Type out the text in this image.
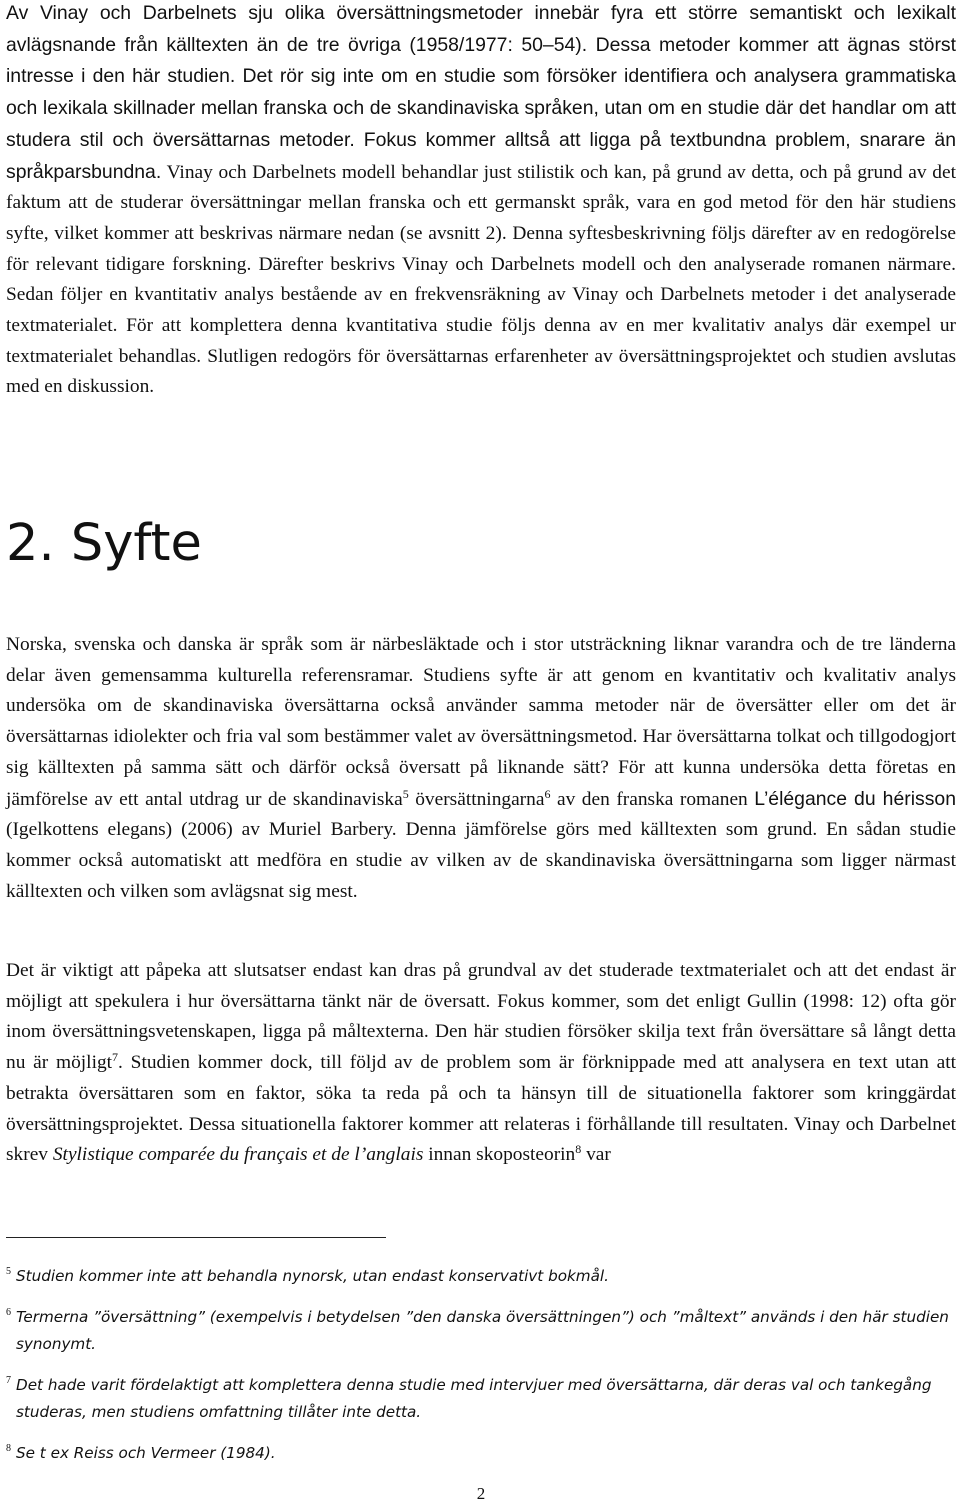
Av Vinay och Darbelnets sju olika översättningsmetoder innebär fyra ett större semantiskt och lexikalt avlägsnande från källtexten än de tre övriga (1958/1977: 50–54). Dessa metoder kommer att ägnas störst intresse i den här studien. Det rör sig inte om en studie som försöker identifiera och analysera grammatiska och lexikala skillnader mellan franska och de skandinaviska språken, utan om en studie där det handlar om att studera stil och översättarnas metoder. Fokus kommer alltså att ligga på textbundna problem, snarare än språkparsbundna. Vinay och Darbelnets modell behandlar just stilistik och kan, på grund av detta, och på grund av det faktum att de studerar översättningar mellan franska och ett germanskt språk, vara en god metod för den här studiens syfte, vilket kommer att beskrivas närmare nedan (se avsnitt 2). Denna syftesbeskrivning följs därefter av en redogörelse för relevant tidigare forskning. Därefter beskrivs Vinay och Darbelnets modell och den analyserade romanen närmare. Sedan följer en kvantitativ analys bestående av en frekvensräkning av Vinay och Darbelnets metoder i det analyserade textmaterialet. För att komplettera denna kvantitativa studie följs denna av en mer kvalitativ analys där exempel ur textmaterialet behandlas. Slutligen redogörs för översättarnas erfarenheter av översättningsprojektet och studien avslutas med en diskussion.

2. Syfte

Norska, svenska och danska är språk som är närbesläktade och i stor utsträckning liknar varandra och de tre länderna delar även gemensamma kulturella referensramar. Studiens syfte är att genom en kvantitativ och kvalitativ analys undersöka om de skandinaviska översättarna också använder samma metoder när de översätter eller om det är översättarnas idiolekter och fria val som bestämmer valet av översättningsmetod. Har översättarna tolkat och tillgodogjort sig källtexten på samma sätt och därför också översatt på liknande sätt? För att kunna undersöka detta företas en jämförelse av ett antal utdrag ur de skandinaviska$^5$ översättningarna$^6$ av den franska romanen L’élégance du hérisson (Igelkottens elegans) (2006) av Muriel Barbery. Denna jämförelse görs med källtexten som grund. En sådan studie kommer också automatiskt att medföra en studie av vilken av de skandinaviska översättningarna som ligger närmast källtexten och vilken som avlägsnat sig mest.

Det är viktigt att påpeka att slutsatser endast kan dras på grundval av det studerade textmaterialet och att det endast är möjligt att spekulera i hur översättarna tänkt när de översatt. Fokus kommer, som det enligt Gullin (1998: 12) ofta gör inom översättningsvetenskapen, ligga på måltexterna. Den här studien försöker skilja text från översättare så långt detta nu är möjligt$^7$. Studien kommer dock, till följd av de problem som är förknippade med att analysera en text utan att betrakta översättaren som en faktor, söka ta reda på och ta hänsyn till de situationella faktorer som kringgärdat översättningsprojektet. Dessa situationella faktorer kommer att relateras i förhållande till resultaten. Vinay och Darbelnet skrev Stylistique comparée du français et de l’anglais innan skoposteorin$^8$ var

5 Studien kommer inte att behandla nynorsk, utan endast konservativt bokmål.
6 Termerna ”översättning” (exempelvis i betydelsen ”den danska översättningen”) och ”måltext” används i den här studien synonymt.
7 Det hade varit fördelaktigt att komplettera denna studie med intervjuer med översättarna, där deras val och tankegång studeras, men studiens omfattning tillåter inte detta.
8 Se t ex Reiss och Vermeer (1984).
2
